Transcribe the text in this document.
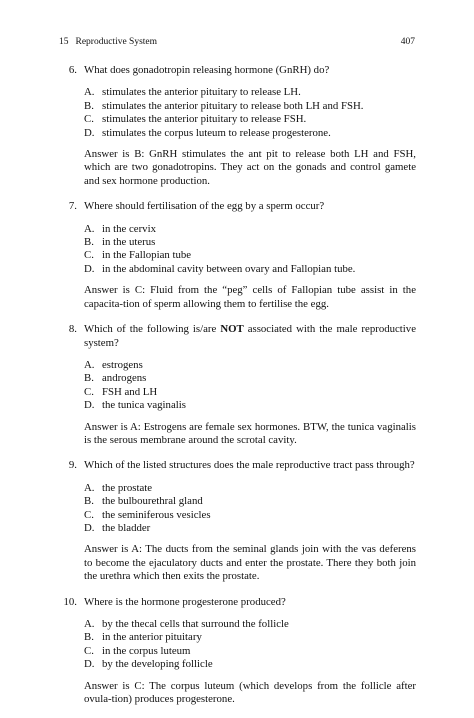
15 Reproductive System	407
6. What does gonadotropin releasing hormone (GnRH) do?
A. stimulates the anterior pituitary to release LH.
B. stimulates the anterior pituitary to release both LH and FSH.
C. stimulates the anterior pituitary to release FSH.
D. stimulates the corpus luteum to release progesterone.
Answer is B: GnRH stimulates the ant pit to release both LH and FSH, which are two gonadotropins. They act on the gonads and control gamete and sex hormone production.
7. Where should fertilisation of the egg by a sperm occur?
A. in the cervix
B. in the uterus
C. in the Fallopian tube
D. in the abdominal cavity between ovary and Fallopian tube.
Answer is C: Fluid from the “peg” cells of Fallopian tube assist in the capacita-tion of sperm allowing them to fertilise the egg.
8. Which of the following is/are NOT associated with the male reproductive system?
A. estrogens
B. androgens
C. FSH and LH
D. the tunica vaginalis
Answer is A: Estrogens are female sex hormones. BTW, the tunica vaginalis is the serous membrane around the scrotal cavity.
9. Which of the listed structures does the male reproductive tract pass through?
A. the prostate
B. the bulbourethral gland
C. the seminiferous vesicles
D. the bladder
Answer is A: The ducts from the seminal glands join with the vas deferens to become the ejaculatory ducts and enter the prostate. There they both join the urethra which then exits the prostate.
10. Where is the hormone progesterone produced?
A. by the thecal cells that surround the follicle
B. in the anterior pituitary
C. in the corpus luteum
D. by the developing follicle
Answer is C: The corpus luteum (which develops from the follicle after ovula-tion) produces progesterone.
